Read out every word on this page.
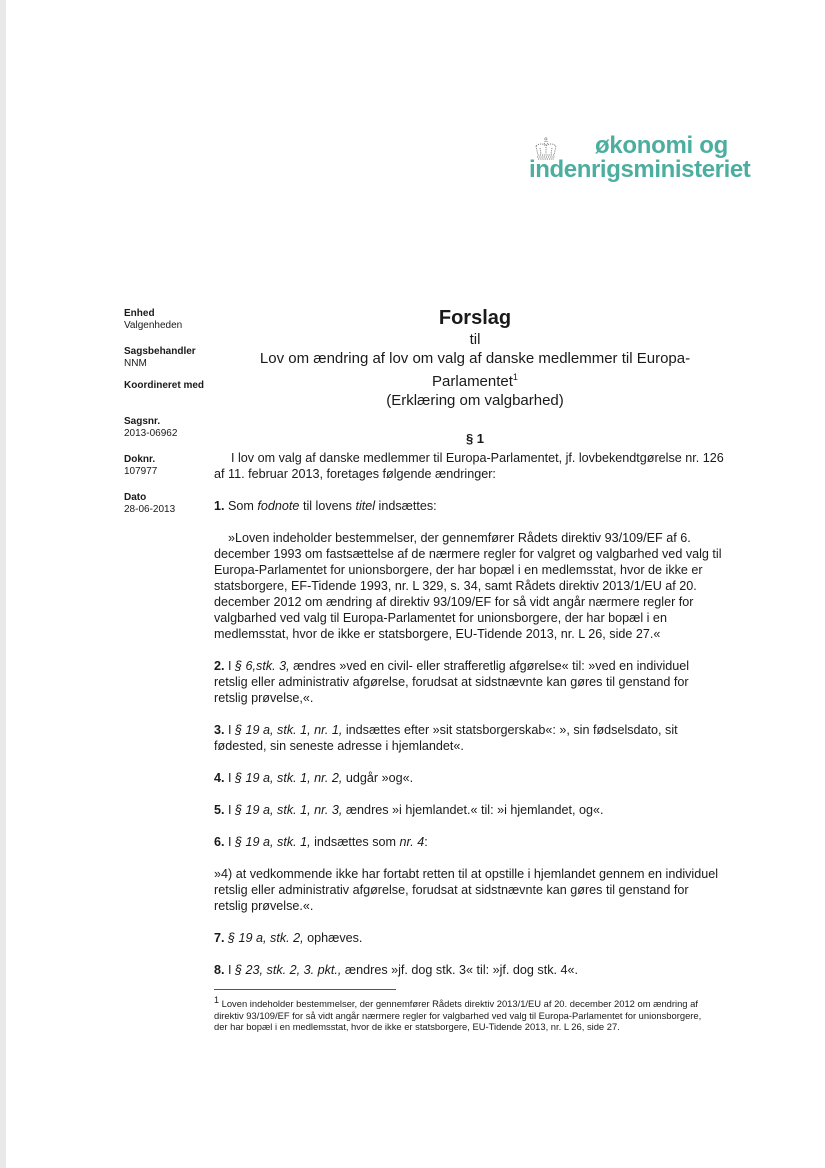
økonomi og
indenrigsministeriet
Enhed
Valgenheden
Sagsbehandler
NNM
Koordineret med
Sagsnr.
2013-06962
Doknr.
107977
Dato
28-06-2013
Forslag
til
Lov om ændring af lov om valg af danske medlemmer til Europa-
Parlamentet$^1$
(Erklæring om valgbarhed)
§ 1

I lov om valg af danske medlemmer til Europa-Parlamentet, jf. lovbekendtgørelse nr. 126 af 11. februar 2013, foretages følgende ændringer:

1. Som fodnote til lovens titel indsættes:

»Loven indeholder bestemmelser, der gennemfører Rådets direktiv 93/109/EF af 6. december 1993 om fastsættelse af de nærmere regler for valgret og valgbarhed ved valg til Europa-Parlamentet for unionsborgere, der har bopæl i en medlemsstat, hvor de ikke er statsborgere, EF-Tidende 1993, nr. L 329, s. 34, samt Rådets direktiv 2013/1/EU af 20. december 2012 om ændring af direktiv 93/109/EF for så vidt angår nærmere regler for valgbarhed ved valg til Europa-Parlamentet for unionsborgere, der har bopæl i en medlemsstat, hvor de ikke er statsborgere, EU-Tidende 2013, nr. L 26, side 27.«

2. I § 6,stk. 3, ændres »ved en civil- eller strafferetlig afgørelse« til: »ved en individuel retslig eller administrativ afgørelse, forudsat at sidstnævnte kan gøres til genstand for retslig prøvelse,«.

3. I § 19 a, stk. 1, nr. 1, indsættes efter »sit statsborgerskab«: », sin fødselsdato, sit fødested, sin seneste adresse i hjemlandet«.

4. I § 19 a, stk. 1, nr. 2, udgår »og«.

5. I § 19 a, stk. 1, nr. 3, ændres »i hjemlandet.« til: »i hjemlandet, og«.

6. I § 19 a, stk. 1, indsættes som nr. 4:

»4) at vedkommende ikke har fortabt retten til at opstille i hjemlandet gennem en individuel retslig eller administrativ afgørelse, forudsat at sidstnævnte kan gøres til genstand for retslig prøvelse.«.

7. § 19 a, stk. 2, ophæves.

8. I § 23, stk. 2, 3. pkt., ændres »jf. dog stk. 3« til: »jf. dog stk. 4«.

$^1$ Loven indeholder bestemmelser, der gennemfører Rådets direktiv 2013/1/EU af 20. december 2012 om ændring af direktiv 93/109/EF for så vidt angår nærmere regler for valgbarhed ved valg til Europa-Parlamentet for unionsborgere, der har bopæl i en medlemsstat, hvor de ikke er statsborgere, EU-Tidende 2013, nr. L 26, side 27.
